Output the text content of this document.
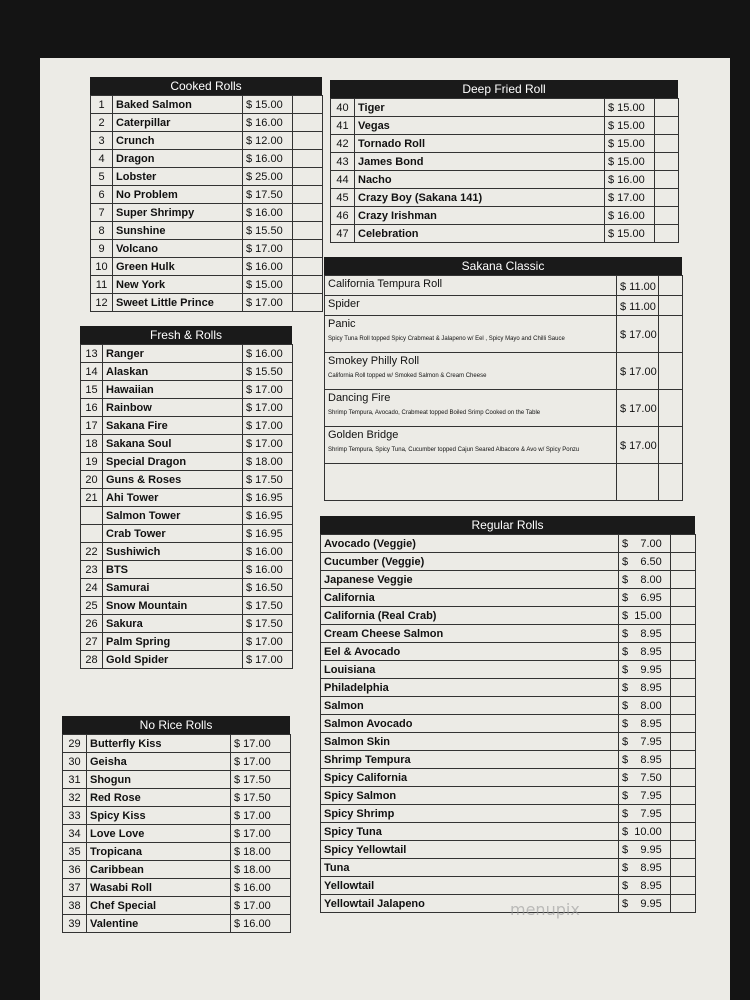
Cooked Rolls
1	Baked Salmon	$ 15.00	
2	Caterpillar	$ 16.00	
3	Crunch	$ 12.00	
4	Dragon	$ 16.00	
5	Lobster	$ 25.00	
6	No Problem	$ 17.50	
7	Super Shrimpy	$ 16.00	
8	Sunshine	$ 15.50	
9	Volcano	$ 17.00	
10	Green Hulk	$ 16.00	
11	New York	$ 15.00	
12	Sweet Little Prince	$ 17.00	
Fresh & Rolls
13	Ranger	$ 16.00
14	Alaskan	$ 15.50
15	Hawaiian	$ 17.00
16	Rainbow	$ 17.00
17	Sakana Fire	$ 17.00
18	Sakana Soul	$ 17.00
19	Special Dragon	$ 18.00
20	Guns & Roses	$ 17.50
21	Ahi Tower	$ 16.95
	Salmon Tower	$ 16.95
	Crab Tower	$ 16.95
22	Sushiwich	$ 16.00
23	BTS	$ 16.00
24	Samurai	$ 16.50
25	Snow Mountain	$ 17.50
26	Sakura	$ 17.50
27	Palm Spring	$ 17.00
28	Gold Spider	$ 17.00
No Rice Rolls
29	Butterfly Kiss	$ 17.00
30	Geisha	$ 17.00
31	Shogun	$ 17.50
32	Red Rose	$ 17.50
33	Spicy Kiss	$ 17.00
34	Love Love	$ 17.00
35	Tropicana	$ 18.00
36	Caribbean	$ 18.00
37	Wasabi Roll	$ 16.00
38	Chef Special	$ 17.00
39	Valentine	$ 16.00
Deep Fried Roll
40	Tiger	$ 15.00	
41	Vegas	$ 15.00	
42	Tornado Roll	$ 15.00	
43	James Bond	$ 15.00	
44	Nacho	$ 16.00	
45	Crazy Boy (Sakana 141)	$ 17.00	
46	Crazy Irishman	$ 16.00	
47	Celebration	$ 15.00	
Sakana Classic
California Tempura Roll	$ 11.00	
Spider	$ 11.00	
Panic
Spicy Tuna Roll topped Spicy Crabmeat & Jalapeno w/ Eel , Spicy Mayo and Chilli Sauce	$ 17.00	
Smokey Philly Roll
California Roll topped w/ Smoked Salmon & Cream Cheese	$ 17.00	
Dancing Fire
Shrimp Tempura, Avocado, Crabmeat topped Boiled Srimp Cooked on the Table	$ 17.00	
Golden Bridge
Shrimp Tempura, Spicy Tuna, Cucumber topped Cajun Seared Albacore & Avo w/ Spicy Ponzu	$ 17.00	

Regular Rolls
Avocado (Veggie)	$    7.00	
Cucumber (Veggie)	$    6.50	
Japanese Veggie	$    8.00	
California	$    6.95	
California (Real Crab)	$  15.00	
Cream Cheese Salmon	$    8.95	
Eel & Avocado	$    8.95	
Louisiana	$    9.95	
Philadelphia	$    8.95	
Salmon	$    8.00	
Salmon Avocado	$    8.95	
Salmon Skin	$    7.95	
Shrimp Tempura	$    8.95	
Spicy California	$    7.50	
Spicy Salmon	$    7.95	
Spicy Shrimp	$    7.95	
Spicy Tuna	$  10.00	
Spicy Yellowtail	$    9.95	
Tuna	$    8.95	
Yellowtail	$    8.95	
Yellowtail Jalapeno	$    9.95	
menupix
